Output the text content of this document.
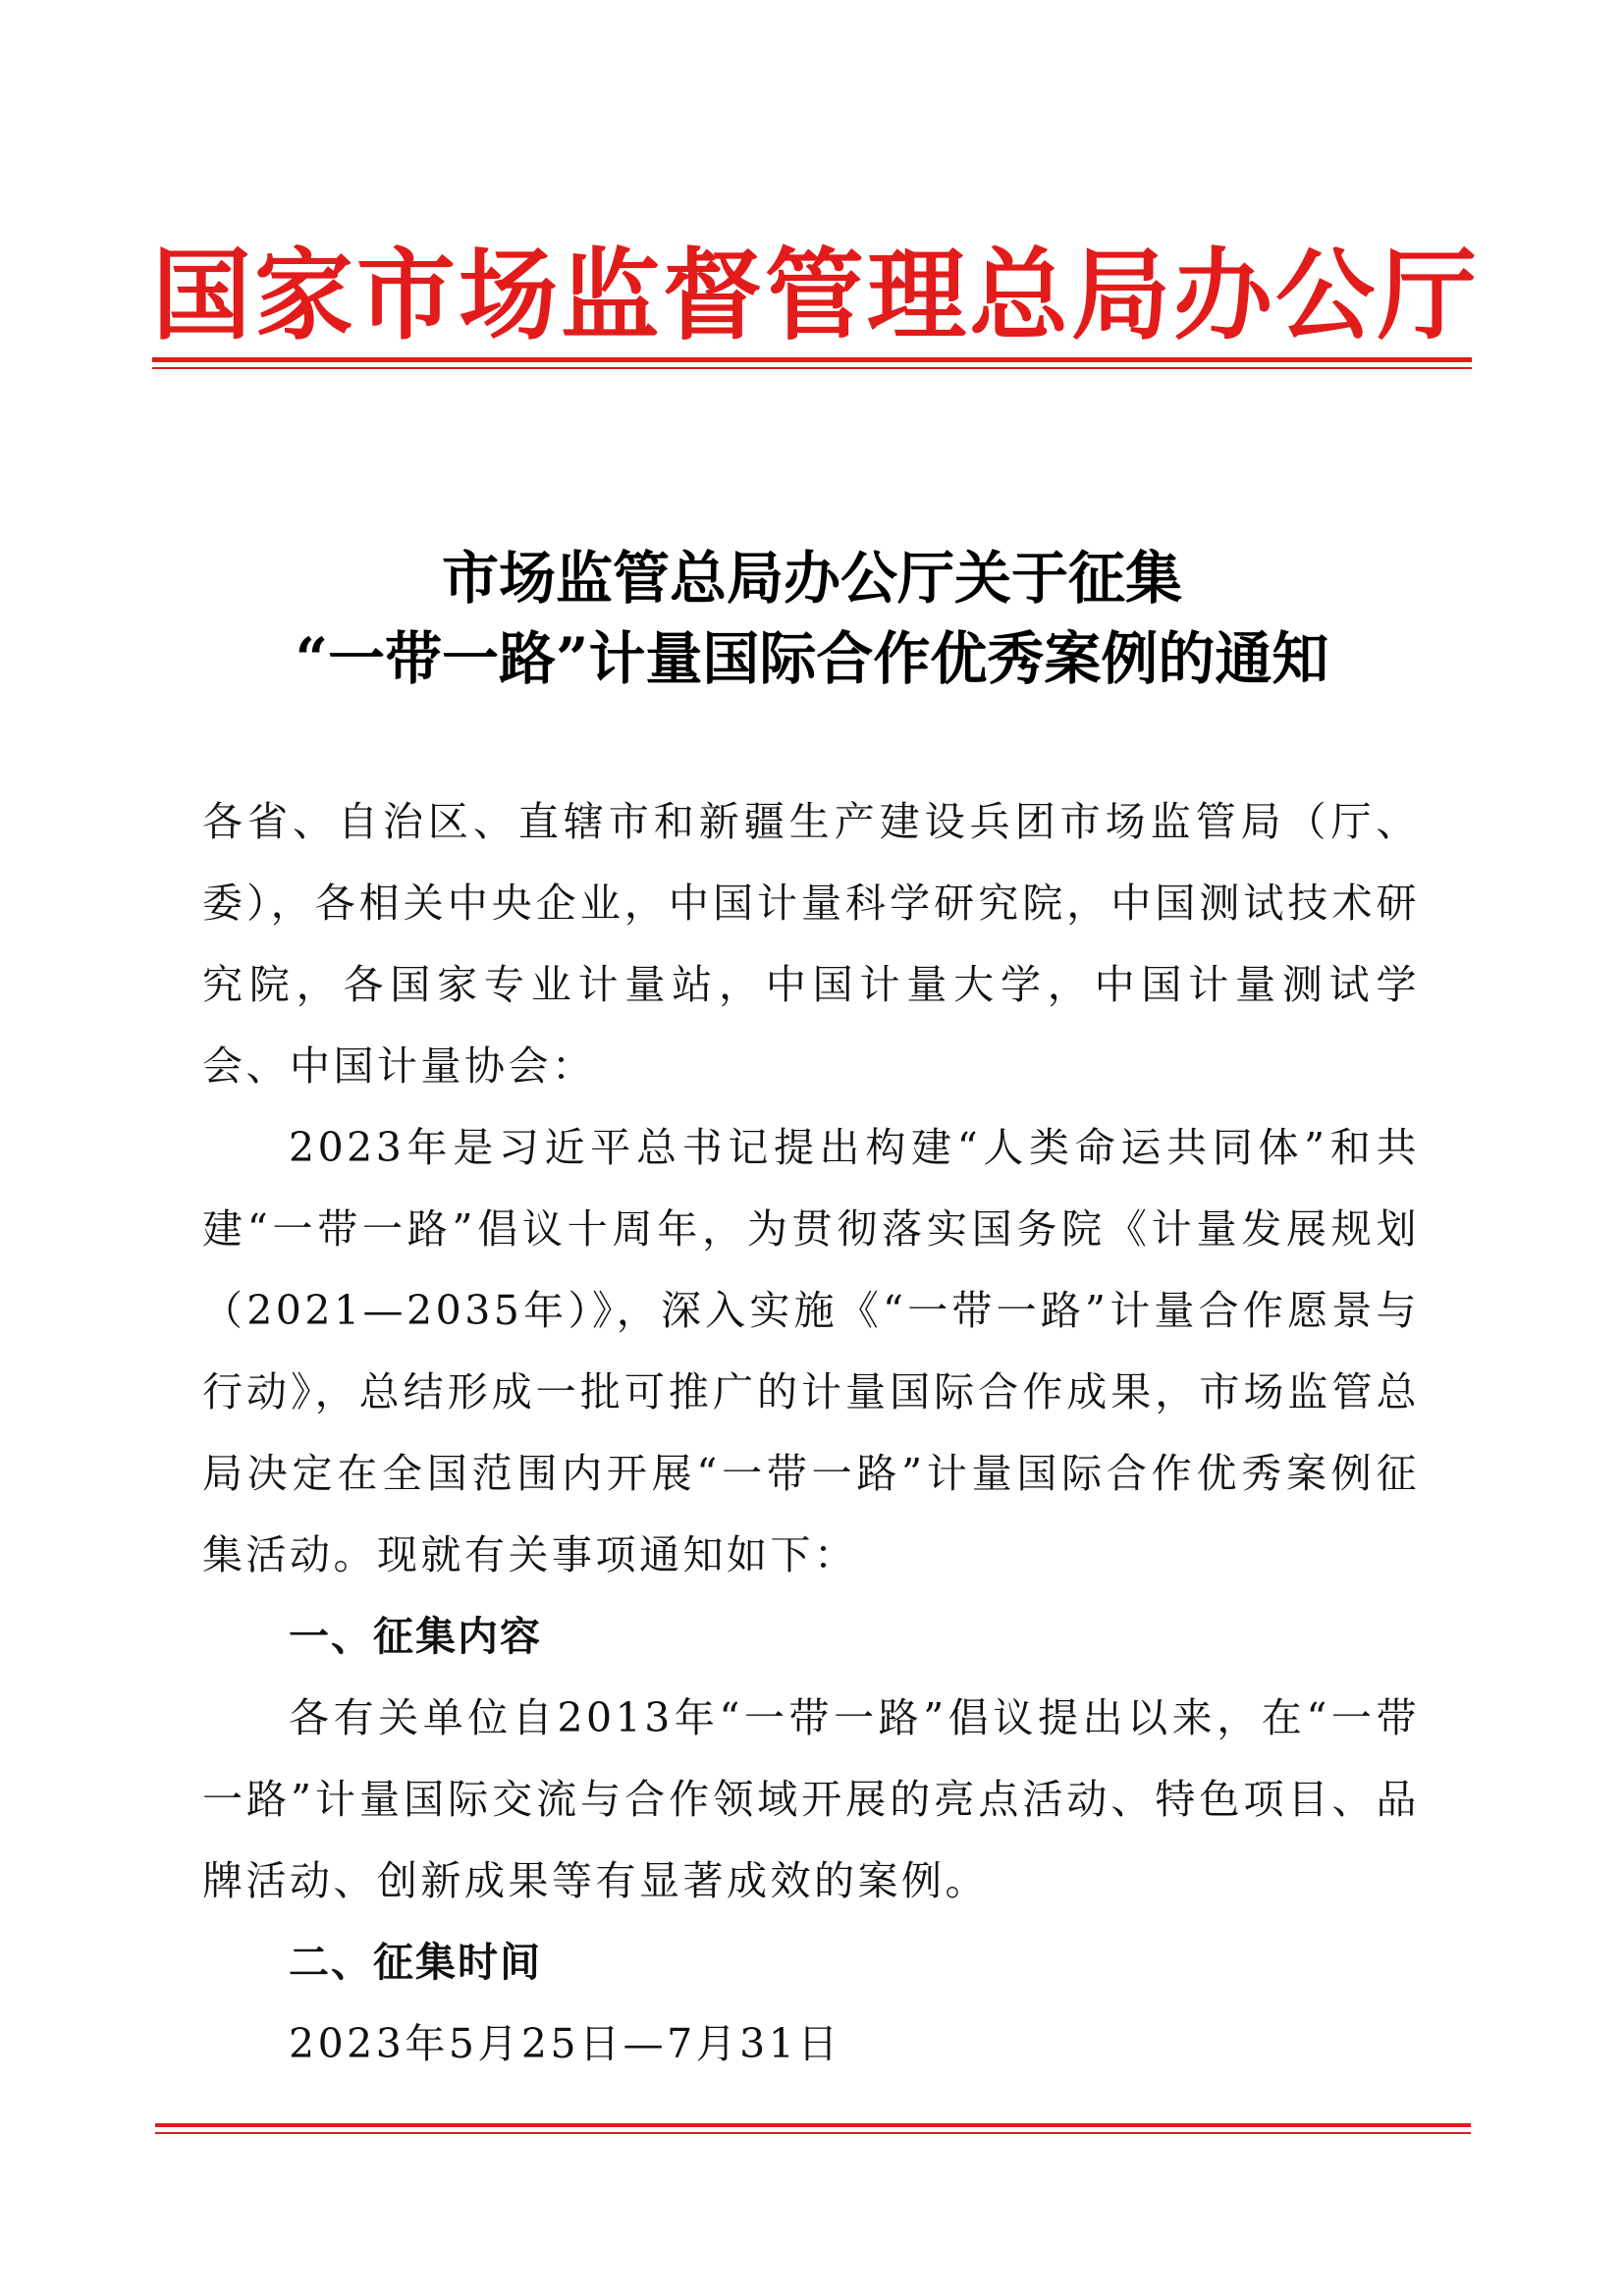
国家市场监督管理总局办公厅
市场监管总局办公厅关于征集
“一带一路”计量国际合作优秀案例的通知

各省、自治区、直辖市和新疆生产建设兵团市场监管局（厅、委），各相关中央企业，中国计量科学研究院，中国测试技术研究院，各国家专业计量站，中国计量大学，中国计量测试学会、中国计量协会：

2023年是习近平总书记提出构建“人类命运共同体”和共建“一带一路”倡议十周年，为贯彻落实国务院《计量发展规划（2021—2035年）》，深入实施《“一带一路”计量合作愿景与行动》，总结形成一批可推广的计量国际合作成果，市场监管总局决定在全国范围内开展“一带一路”计量国际合作优秀案例征集活动。现就有关事项通知如下：

一、征集内容

各有关单位自2013年“一带一路”倡议提出以来，在“一带一路”计量国际交流与合作领域开展的亮点活动、特色项目、品牌活动、创新成果等有显著成效的案例。

二、征集时间

2023年5月25日—7月31日
